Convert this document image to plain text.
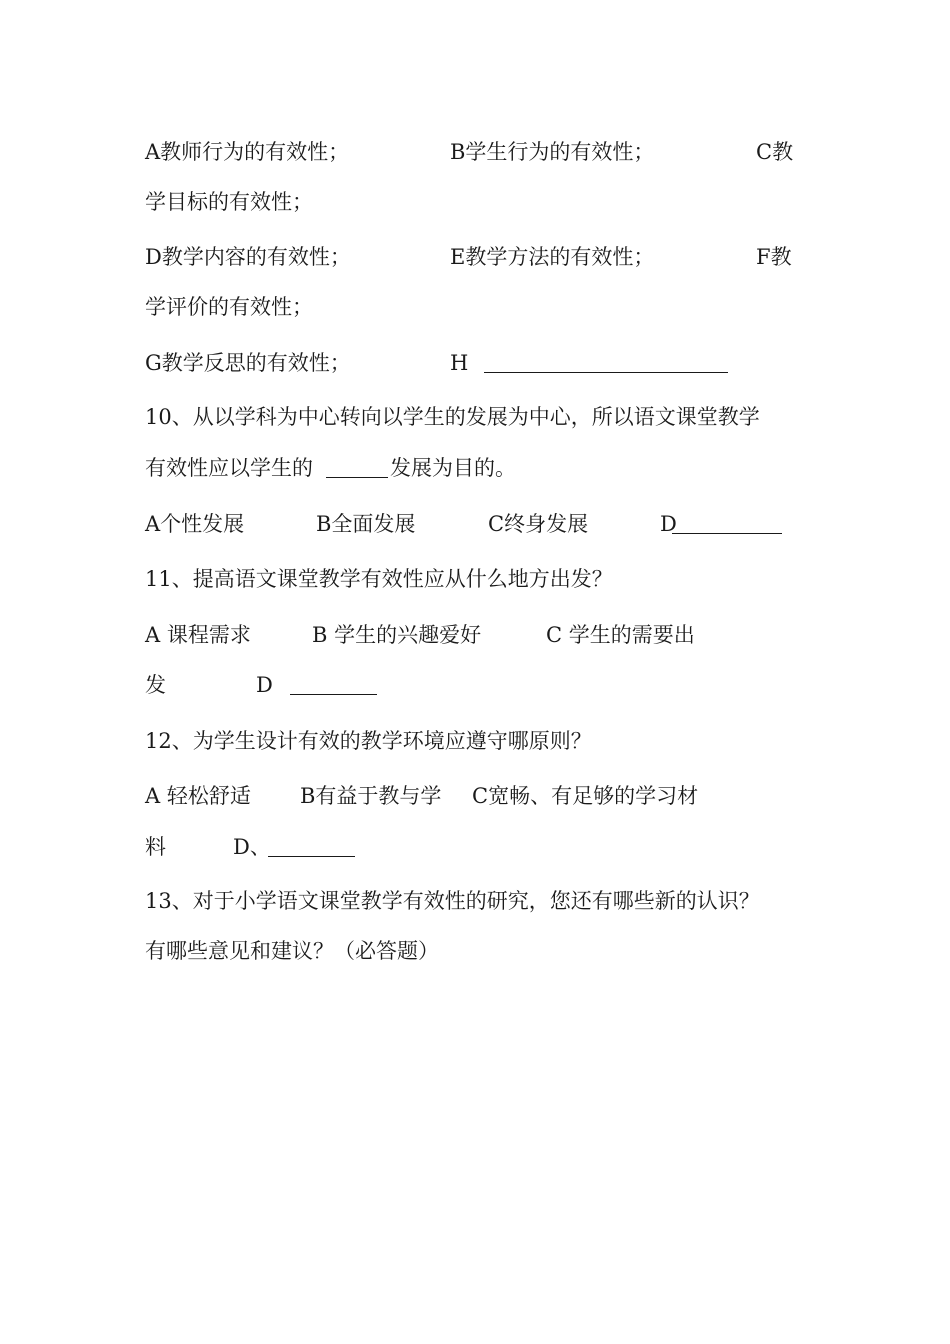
A教师行为的有效性；	B学生行为的有效性；	C教
学目标的有效性；
D教学内容的有效性；	E教学方法的有效性；	F教
学评价的有效性；
G教学反思的有效性；	H
10、从以学科为中心转向以学生的发展为中心，所以语文课堂教学
有效性应以学生的	发展为目的。
A个性发展	B全面发展	C终身发展	D
11、提高语文课堂教学有效性应从什么地方出发？
A 课程需求	B 学生的兴趣爱好	C 学生的需要出
发	D
12、为学生设计有效的教学环境应遵守哪原则？
A 轻松舒适 B有益于教与学 C宽畅、有足够的学习材
料	D、
13、对于小学语文课堂教学有效性的研究，您还有哪些新的认识？
有哪些意见和建议？（必答题）
